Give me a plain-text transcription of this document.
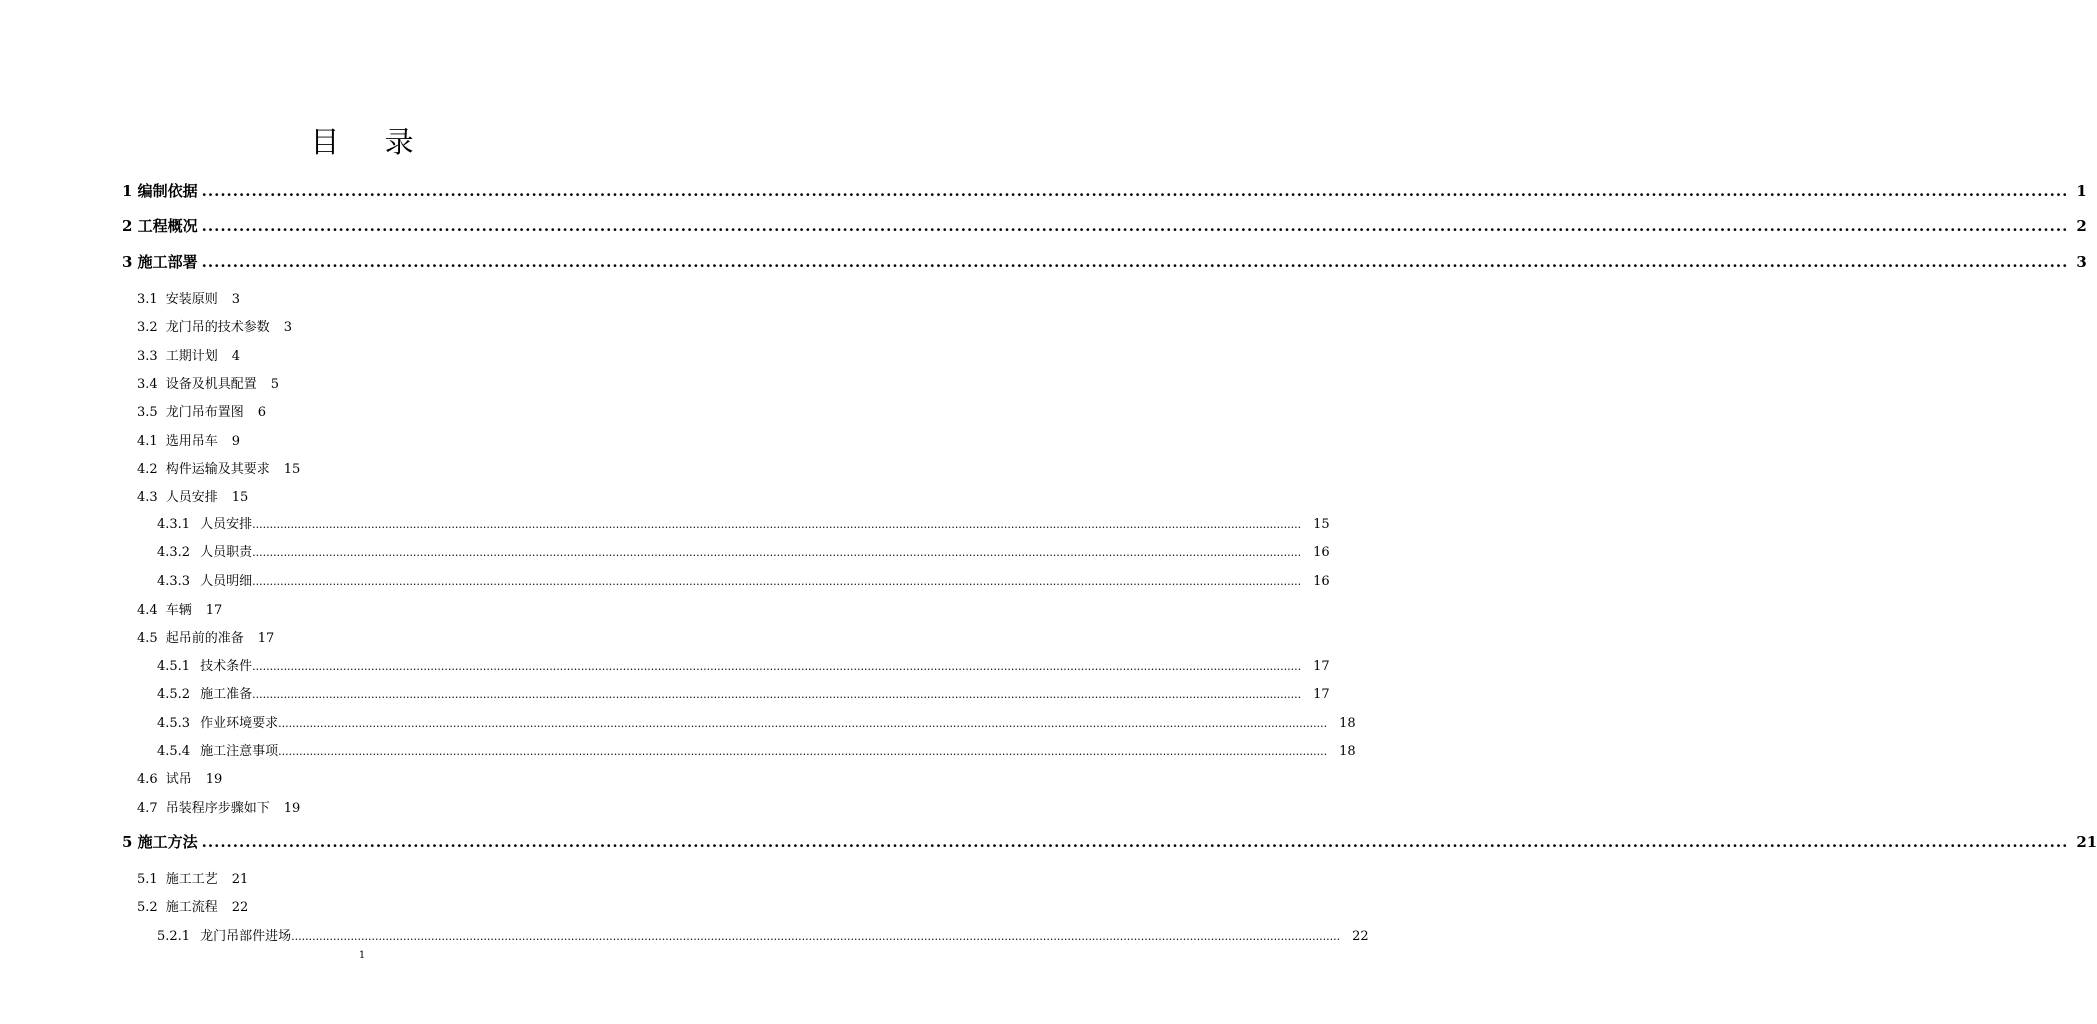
目 录
1 编制依据 ............................................................................................................................................................................................................................................................................................................ 1
2 工程概况 ............................................................................................................................................................................................................................................................................................................ 2
3 施工部署 ............................................................................................................................................................................................................................................................................................................ 3
3.1 安装原则 3
3.2 龙门吊的技术参数 3
3.3 工期计划 4
3.4 设备及机具配置 5
3.5 龙门吊布置图 6
4.1 选用吊车 9
4.2 构件运输及其要求 15
4.3 人员安排 15
4.3.1 人员安排 ............................................................................................................................................................................................................................................................................................................ 15
4.3.2 人员职责 ............................................................................................................................................................................................................................................................................................................ 16
4.3.3 人员明细 ............................................................................................................................................................................................................................................................................................................ 16
4.4 车辆 17
4.5 起吊前的准备 17
4.5.1 技术条件 ............................................................................................................................................................................................................................................................................................................ 17
4.5.2 施工准备 ............................................................................................................................................................................................................................................................................................................ 17
4.5.3 作业环境要求 ............................................................................................................................................................................................................................................................................................................ 18
4.5.4 施工注意事项 ............................................................................................................................................................................................................................................................................................................ 18
4.6 试吊 19
4.7 吊装程序步骤如下 19
5 施工方法 ............................................................................................................................................................................................................................................................................................................ 21
5.1 施工工艺 21
5.2 施工流程 22
5.2.1 龙门吊部件进场 ............................................................................................................................................................................................................................................................................................................ 22
1
